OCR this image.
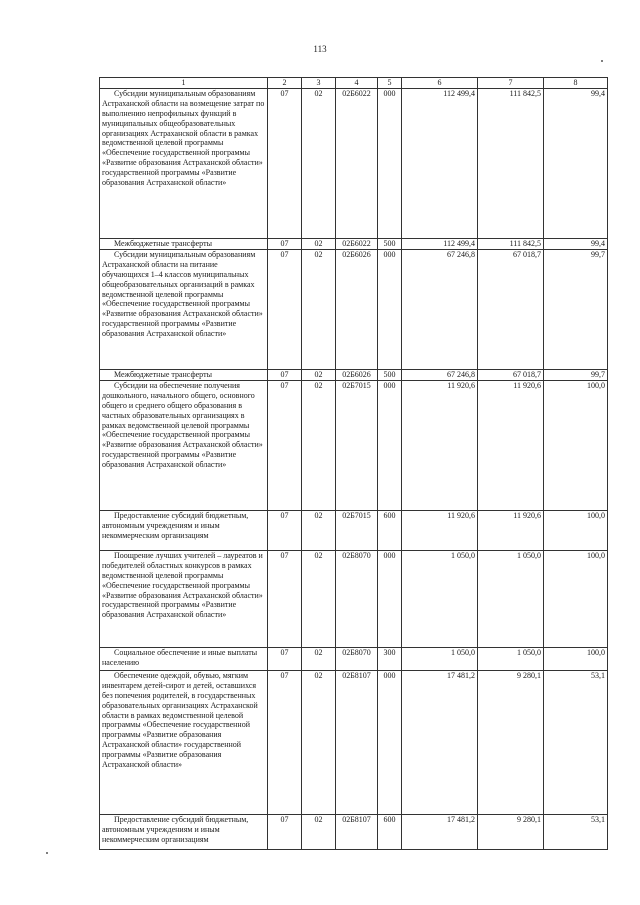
113
1	2	3	4	5	6	7	8
Субсидии муниципальным образованиям Астраханской области на возмещение затрат по выполнению непрофильных функций в муниципальных общеобразовательных организациях Астраханской области в рамках ведомственной целевой программы «Обеспечение государственной программы «Развитие образования Астраханской области» государственной программы «Развитие образования Астраханской области»	07	02	02Б6022	000	112 499,4	111 842,5	99,4
Межбюджетные трансферты	07	02	02Б6022	500	112 499,4	111 842,5	99,4
Субсидии муниципальным образованиям Астраханской области на питание обучающихся 1–4 классов муниципальных общеобразовательных организаций в рамках ведомственной целевой программы «Обеспечение государственной программы «Развитие образования Астраханской области» государственной программы «Развитие образования Астраханской области»	07	02	02Б6026	000	67 246,8	67 018,7	99,7
Межбюджетные трансферты	07	02	02Б6026	500	67 246,8	67 018,7	99,7
Субсидии на обеспечение получения дошкольного, начального общего, основного общего и среднего общего образования в частных образовательных организациях в рамках ведомственной целевой программы «Обеспечение государственной программы «Развитие образования Астраханской области» государственной программы «Развитие образования Астраханской области»	07	02	02Б7015	000	11 920,6	11 920,6	100,0
Предоставление субсидий бюджетным, автономным учреждениям и иным некоммерческим организациям	07	02	02Б7015	600	11 920,6	11 920,6	100,0
Поощрение лучших учителей – лауреатов и победителей областных конкурсов в рамках ведомственной целевой программы «Обеспечение государственной программы «Развитие образования Астраханской области» государственной программы «Развитие образования Астраханской области»	07	02	02Б8070	000	1 050,0	1 050,0	100,0
Социальное обеспечение и иные выплаты населению	07	02	02Б8070	300	1 050,0	1 050,0	100,0
Обеспечение одеждой, обувью, мягким инвентарем детей-сирот и детей, оставшихся без попечения родителей, в государственных образовательных организациях Астраханской области в рамках ведомственной целевой программы «Обеспечение государственной программы «Развитие образования Астраханской области» государственной программы «Развитие образования Астраханской области»	07	02	02Б8107	000	17 481,2	9 280,1	53,1
Предоставление субсидий бюджетным, автономным учреждениям и иным некоммерческим организациям	07	02	02Б8107	600	17 481,2	9 280,1	53,1
